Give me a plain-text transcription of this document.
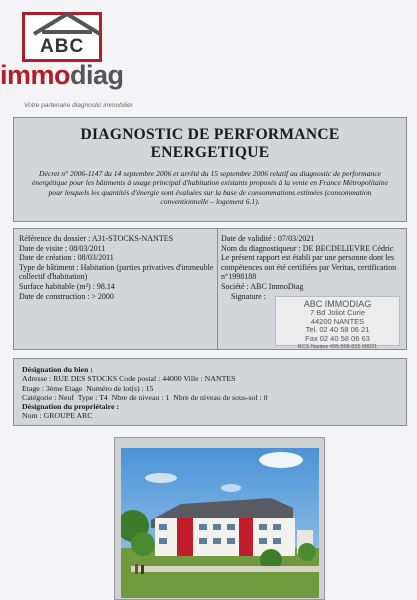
ABC
immodiag
Votre partenaire diagnostic immobilier
DIAGNOSTIC DE PERFORMANCE
ENERGETIQUE

Décret n° 2006-1147 du 14 septembre 2006 et arrêté du 15 septembre 2006 relatif au diagnostic de performance énergétique pour les bâtiments à usage principal d'habitation existants proposés à la vente en France Métropolitaine pour lesquels les quantités d'énergie sont évaluées sur la base de consommations estimées (consommation conventionnelle – logement 6.1).

Référence du dossier : A31-STOCKS-NANTES
Date de visite : 08/03/2011
Date de création : 08/03/2011
Type de bâtiment : Habitation (parties privatives d'immeuble collectif d'habitation)
Surface habitable (m²) : 98.14
Date de construction : > 2000
Date de validité : 07/03/2021
Nom du diagnostiqueur : DE BECDELIEVRE Cédric
Le présent rapport est établi par une personne dont les compétences ont été certifiées par Veritas, certification n°1998188
Société : ABC ImmoDiag
Signature :
ABC IMMODIAG
7 Bd Joliot Curie
44200 NANTES
Tel. 02 40 58 06 21
Fax 02 40 58 06 63
RCS Nantes 495 006 835 00021
Désignation du bien :
Adresse : RUE DES STOCKS Code postal : 44000 Ville : NANTES
Etage : 3ème Etage  Numéro de lot(s) : 15
Catégorie : Neuf  Type : T4  Nbre de niveau : 1  Nbre de niveau de sous-sol : 0
Désignation du propriétaire :
Nom : GROUPE ARC
